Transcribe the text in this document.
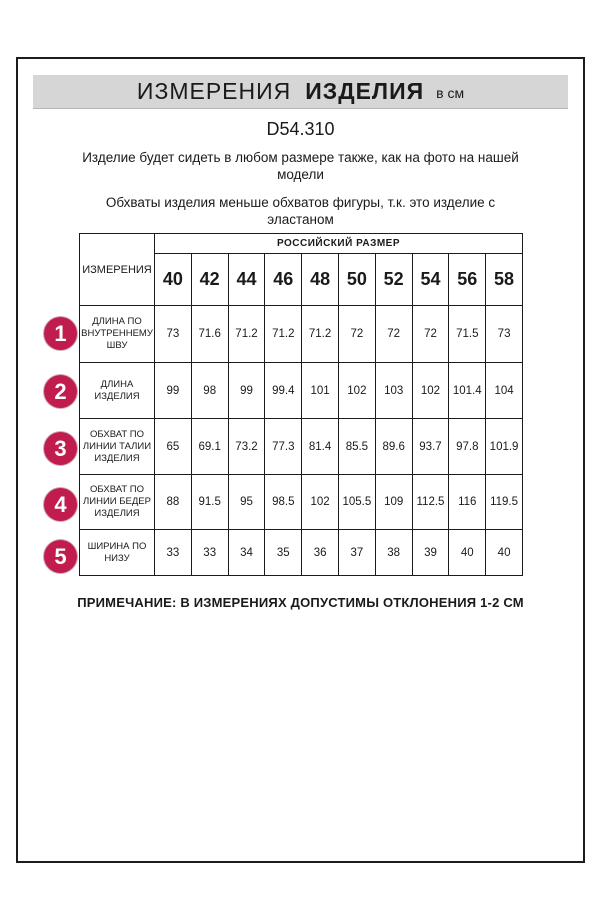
ИЗМЕРЕНИЯ ИЗДЕЛИЯ в см
D54.310
Изделие будет сидеть в любом размере также, как на фото на нашей модели
Обхваты изделия меньше обхватов фигуры, т.к. это изделие с эластаном
ИЗМЕРЕНИЯ	РОССИЙСКИЙ РАЗМЕР									
	40	42	44	46	48	50	52	54	56	58
ДЛИНА ПО ВНУТРЕННЕМУ ШВУ	73	71.6	71.2	71.2	71.2	72	72	72	71.5	73
ДЛИНА ИЗДЕЛИЯ	99	98	99	99.4	101	102	103	102	101.4	104
ОБХВАТ ПО ЛИНИИ ТАЛИИ ИЗДЕЛИЯ	65	69.1	73.2	77.3	81.4	85.5	89.6	93.7	97.8	101.9
ОБХВАТ ПО ЛИНИИ БЕДЕР ИЗДЕЛИЯ	88	91.5	95	98.5	102	105.5	109	112.5	116	119.5
ШИРИНА ПО НИЗУ	33	33	34	35	36	37	38	39	40	40
ПРИМЕЧАНИЕ: В ИЗМЕРЕНИЯХ ДОПУСТИМЫ ОТКЛОНЕНИЯ 1-2 СМ
1
2
3
4
5
